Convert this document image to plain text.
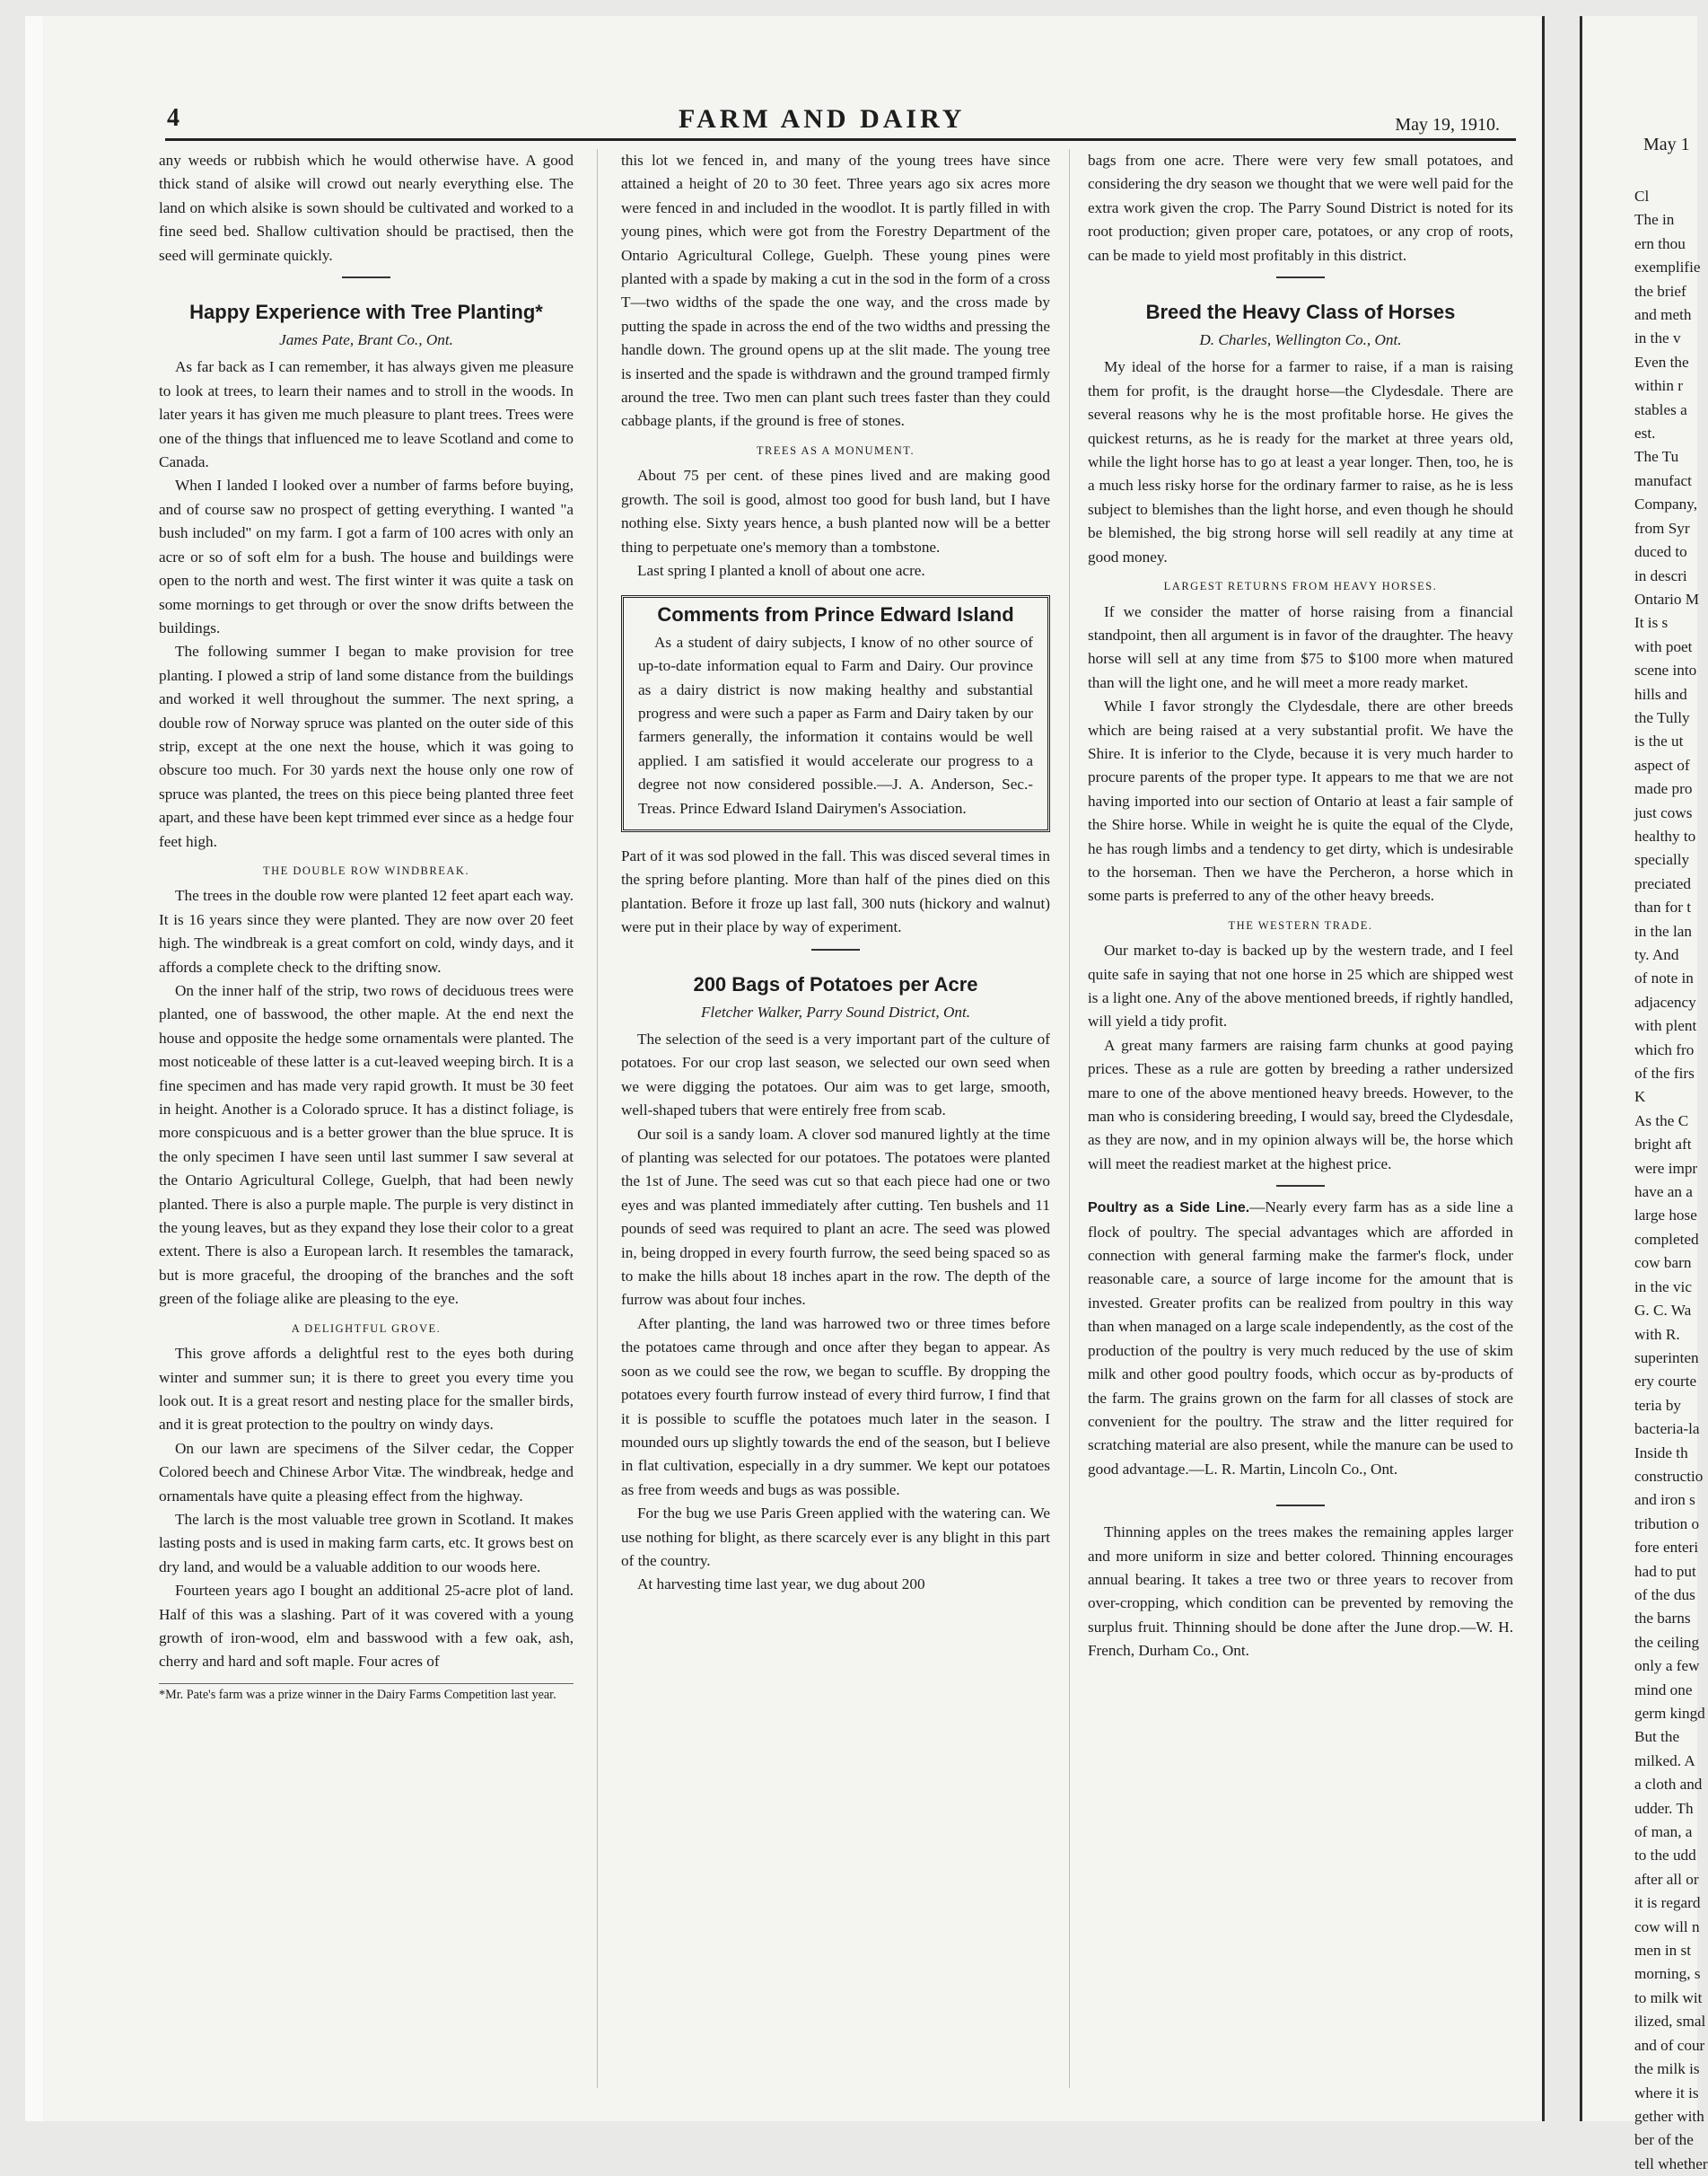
4	FARM AND DAIRY	May 19, 1910.

any weeds or rubbish which he would otherwise have. A good thick stand of alsike will crowd out nearly everything else. The land on which alsike is sown should be cultivated and worked to a fine seed bed. Shallow cultivation should be practised, then the seed will germinate quickly.

Happy Experience with Tree Planting*
James Pate, Brant Co., Ont.

As far back as I can remember, it has always given me pleasure to look at trees, to learn their names and to stroll in the woods. In later years it has given me much pleasure to plant trees. Trees were one of the things that influenced me to leave Scotland and come to Canada.

When I landed I looked over a number of farms before buying, and of course saw no prospect of getting everything. I wanted "a bush included" on my farm. I got a farm of 100 acres with only an acre or so of soft elm for a bush. The house and buildings were open to the north and west. The first winter it was quite a task on some mornings to get through or over the snow drifts between the buildings.

The following summer I began to make provision for tree planting. I plowed a strip of land some distance from the buildings and worked it well throughout the summer. The next spring, a double row of Norway spruce was planted on the outer side of this strip, except at the one next the house, which it was going to obscure too much. For 30 yards next the house only one row of spruce was planted, the trees on this piece being planted three feet apart, and these have been kept trimmed ever since as a hedge four feet high.

THE DOUBLE ROW WINDBREAK.

The trees in the double row were planted 12 feet apart each way. It is 16 years since they were planted. They are now over 20 feet high. The windbreak is a great comfort on cold, windy days, and it affords a complete check to the drifting snow.

On the inner half of the strip, two rows of deciduous trees were planted, one of basswood, the other maple. At the end next the house and opposite the hedge some ornamentals were planted. The most noticeable of these latter is a cut-leaved weeping birch. It is a fine specimen and has made very rapid growth. It must be 30 feet in height. Another is a Colorado spruce. It has a distinct foliage, is more conspicuous and is a better grower than the blue spruce. It is the only specimen I have seen until last summer I saw several at the Ontario Agricultural College, Guelph, that had been newly planted. There is also a purple maple. The purple is very distinct in the young leaves, but as they expand they lose their color to a great extent. There is also a European larch. It resembles the tamarack, but is more graceful, the drooping of the branches and the soft green of the foliage alike are pleasing to the eye.

A DELIGHTFUL GROVE.

This grove affords a delightful rest to the eyes both during winter and summer sun; it is there to greet you every time you look out. It is a great resort and nesting place for the smaller birds, and it is great protection to the poultry on windy days.

On our lawn are specimens of the Silver cedar, the Copper Colored beech and Chinese Arbor Vitæ. The windbreak, hedge and ornamentals have quite a pleasing effect from the highway.

The larch is the most valuable tree grown in Scotland. It makes lasting posts and is used in making farm carts, etc. It grows best on dry land, and would be a valuable addition to our woods here.

Fourteen years ago I bought an additional 25-acre plot of land. Half of this was a slashing. Part of it was covered with a young growth of iron-wood, elm and basswood with a few oak, ash, cherry and hard and soft maple. Four acres of

*Mr. Pate's farm was a prize winner in the Dairy Farms Competition last year.

this lot we fenced in, and many of the young trees have since attained a height of 20 to 30 feet. Three years ago six acres more were fenced in and included in the woodlot. It is partly filled in with young pines, which were got from the Forestry Department of the Ontario Agricultural College, Guelph. These young pines were planted with a spade by making a cut in the sod in the form of a cross T—two widths of the spade the one way, and the cross made by putting the spade in across the end of the two widths and pressing the handle down. The ground opens up at the slit made. The young tree is inserted and the spade is withdrawn and the ground tramped firmly around the tree. Two men can plant such trees faster than they could cabbage plants, if the ground is free of stones.

TREES AS A MONUMENT.

About 75 per cent. of these pines lived and are making good growth. The soil is good, almost too good for bush land, but I have nothing else. Sixty years hence, a bush planted now will be a better thing to perpetuate one's memory than a tombstone.

Last spring I planted a knoll of about one acre.

Comments from Prince Edward Island

As a student of dairy subjects, I know of no other source of up-to-date information equal to Farm and Dairy. Our province as a dairy district is now making healthy and substantial progress and were such a paper as Farm and Dairy taken by our farmers generally, the information it contains would be well applied. I am satisfied it would accelerate our progress to a degree not now considered possible.—J. A. Anderson, Sec.-Treas. Prince Edward Island Dairymen's Association.

Part of it was sod plowed in the fall. This was disced several times in the spring before planting. More than half of the pines died on this plantation. Before it froze up last fall, 300 nuts (hickory and walnut) were put in their place by way of experiment.

200 Bags of Potatoes per Acre
Fletcher Walker, Parry Sound District, Ont.

The selection of the seed is a very important part of the culture of potatoes. For our crop last season, we selected our own seed when we were digging the potatoes. Our aim was to get large, smooth, well-shaped tubers that were entirely free from scab.

Our soil is a sandy loam. A clover sod manured lightly at the time of planting was selected for our potatoes. The potatoes were planted the 1st of June. The seed was cut so that each piece had one or two eyes and was planted immediately after cutting. Ten bushels and 11 pounds of seed was required to plant an acre. The seed was plowed in, being dropped in every fourth furrow, the seed being spaced so as to make the hills about 18 inches apart in the row. The depth of the furrow was about four inches.

After planting, the land was harrowed two or three times before the potatoes came through and once after they began to appear. As soon as we could see the row, we began to scuffle. By dropping the potatoes every fourth furrow instead of every third furrow, I find that it is possible to scuffle the potatoes much later in the season. I mounded ours up slightly towards the end of the season, but I believe in flat cultivation, especially in a dry summer. We kept our potatoes as free from weeds and bugs as was possible.

For the bug we use Paris Green applied with the watering can. We use nothing for blight, as there scarcely ever is any blight in this part of the country.

At harvesting time last year, we dug about 200

bags from one acre. There were very few small potatoes, and considering the dry season we thought that we were well paid for the extra work given the crop. The Parry Sound District is noted for its root production; given proper care, potatoes, or any crop of roots, can be made to yield most profitably in this district.

Breed the Heavy Class of Horses
D. Charles, Wellington Co., Ont.

My ideal of the horse for a farmer to raise, if a man is raising them for profit, is the draught horse—the Clydesdale. There are several reasons why he is the most profitable horse. He gives the quickest returns, as he is ready for the market at three years old, while the light horse has to go at least a year longer. Then, too, he is a much less risky horse for the ordinary farmer to raise, as he is less subject to blemishes than the light horse, and even though he should be blemished, the big strong horse will sell readily at any time at good money.

LARGEST RETURNS FROM HEAVY HORSES.

If we consider the matter of horse raising from a financial standpoint, then all argument is in favor of the draughter. The heavy horse will sell at any time from $75 to $100 more when matured than will the light one, and he will meet a more ready market.

While I favor strongly the Clydesdale, there are other breeds which are being raised at a very substantial profit. We have the Shire. It is inferior to the Clyde, because it is very much harder to procure parents of the proper type. It appears to me that we are not having imported into our section of Ontario at least a fair sample of the Shire horse. While in weight he is quite the equal of the Clyde, he has rough limbs and a tendency to get dirty, which is undesirable to the horseman. Then we have the Percheron, a horse which in some parts is preferred to any of the other heavy breeds.

THE WESTERN TRADE.

Our market to-day is backed up by the western trade, and I feel quite safe in saying that not one horse in 25 which are shipped west is a light one. Any of the above mentioned breeds, if rightly handled, will yield a tidy profit.

A great many farmers are raising farm chunks at good paying prices. These as a rule are gotten by breeding a rather undersized mare to one of the above mentioned heavy breeds. However, to the man who is considering breeding, I would say, breed the Clydesdale, as they are now, and in my opinion always will be, the horse which will meet the readiest market at the highest price.

Poultry as a Side Line.—Nearly every farm has as a side line a flock of poultry. The special advantages which are afforded in connection with general farming make the farmer's flock, under reasonable care, a source of large income for the amount that is invested. Greater profits can be realized from poultry in this way than when managed on a large scale independently, as the cost of the production of the poultry is very much reduced by the use of skim milk and other good poultry foods, which occur as by-products of the farm. The grains grown on the farm for all classes of stock are convenient for the poultry. The straw and the litter required for scratching material are also present, while the manure can be used to good advantage.—L. R. Martin, Lincoln Co., Ont.

Thinning apples on the trees makes the remaining apples larger and more uniform in size and better colored. Thinning encourages annual bearing. It takes a tree two or three years to recover from over-cropping, which condition can be prevented by removing the surplus fruit. Thinning should be done after the June drop.—W. H. French, Durham Co., Ont.

May 1
Cl
The in
ern thou
exemplifie
the brief
and meth
in the v
Even the
within r
stables a
est.
The Tu
manufact
Company,
from Syr
duced to
in descri
Ontario M
It is s
with poet
scene into
hills and
the Tully
is the ut
aspect of
made pro
just cows
healthy to
specially
preciated
than for t
in the lan
ty. And
of note in
adjacency
with plent
which fro
of the firs
K
As the C
bright aft
were impr
have an a
large hose
completed
cow barn
in the vic
G. C. Wa
with R.
superinten
ery courte
teria by
bacteria-la
Inside th
constructio
and iron s
tribution o
fore enteri
had to put
of the dus
the barns
the ceiling
only a few
mind one
germ kingd
But the
milked. A
a cloth and
udder. Th
of man, a
to the udd
after all or
it is regard
cow will n
men in st
morning, s
to milk wit
ilized, smal
and of cour
the milk is
where it is
gether with
ber of the
tell whether
